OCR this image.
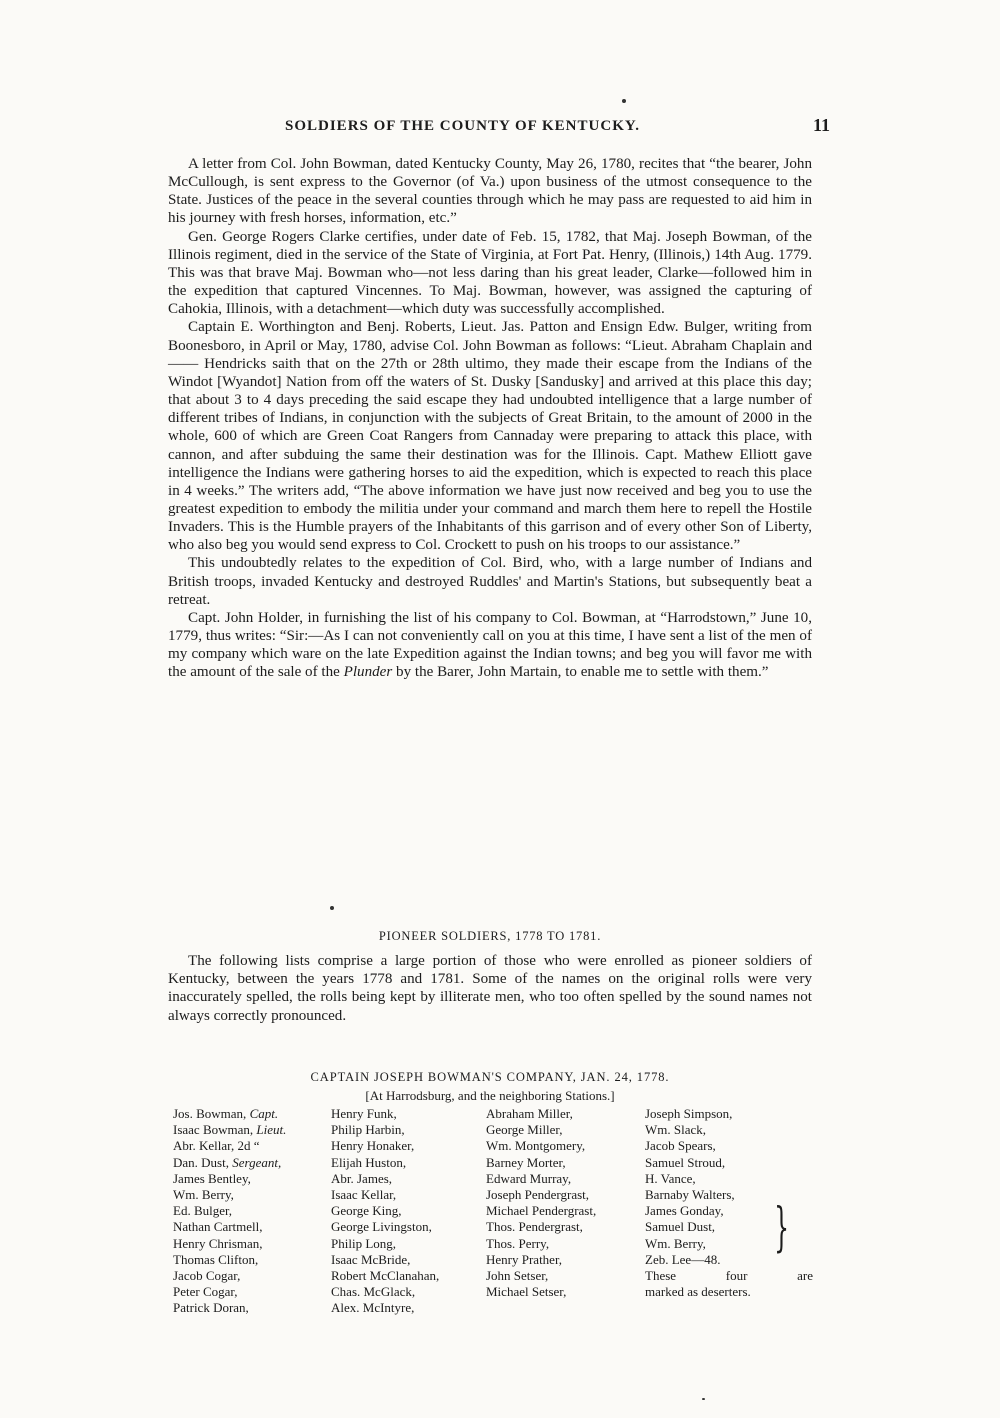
SOLDIERS OF THE COUNTY OF KENTUCKY.	11

A letter from Col. John Bowman, dated Kentucky County, May 26, 1780, recites that “the bearer, John McCullough, is sent express to the Governor (of Va.) upon business of the utmost consequence to the State. Justices of the peace in the several counties through which he may pass are requested to aid him in his journey with fresh horses, information, etc.”

Gen. George Rogers Clarke certifies, under date of Feb. 15, 1782, that Maj. Joseph Bowman, of the Illinois regiment, died in the service of the State of Virginia, at Fort Pat. Henry, (Illinois,) 14th Aug. 1779. This was that brave Maj. Bowman who—not less daring than his great leader, Clarke—followed him in the expedition that captured Vincennes. To Maj. Bowman, however, was assigned the capturing of Cahokia, Illinois, with a detachment—which duty was successfully accomplished.

Captain E. Worthington and Benj. Roberts, Lieut. Jas. Patton and Ensign Edw. Bulger, writing from Boonesboro, in April or May, 1780, advise Col. John Bowman as follows: “Lieut. Abraham Chaplain and —— Hendricks saith that on the 27th or 28th ultimo, they made their escape from the Indians of the Windot [Wyandot] Nation from off the waters of St. Dusky [Sandusky] and arrived at this place this day; that about 3 to 4 days preceding the said escape they had undoubted intelligence that a large number of different tribes of Indians, in conjunction with the subjects of Great Britain, to the amount of 2000 in the whole, 600 of which are Green Coat Rangers from Cannaday were preparing to attack this place, with cannon, and after subduing the same their destination was for the Illinois. Capt. Mathew Elliott gave intelligence the Indians were gathering horses to aid the expedition, which is expected to reach this place in 4 weeks.” The writers add, “The above information we have just now received and beg you to use the greatest expedition to embody the militia under your command and march them here to repell the Hostile Invaders. This is the Humble prayers of the Inhabitants of this garrison and of every other Son of Liberty, who also beg you would send express to Col. Crockett to push on his troops to our assistance.”

This undoubtedly relates to the expedition of Col. Bird, who, with a large number of Indians and British troops, invaded Kentucky and destroyed Ruddles' and Martin's Stations, but subsequently beat a retreat.

Capt. John Holder, in furnishing the list of his company to Col. Bowman, at “Harrodstown,” June 10, 1779, thus writes: “Sir:—As I can not conveniently call on you at this time, I have sent a list of the men of my company which ware on the late Expedition against the Indian towns; and beg you will favor me with the amount of the sale of the Plunder by the Barer, John Martain, to enable me to settle with them.”

PIONEER SOLDIERS, 1778 TO 1781.

The following lists comprise a large portion of those who were enrolled as pioneer soldiers of Kentucky, between the years 1778 and 1781. Some of the names on the original rolls were very inaccurately spelled, the rolls being kept by illiterate men, who too often spelled by the sound names not always correctly pronounced.

CAPTAIN JOSEPH BOWMAN'S COMPANY, JAN. 24, 1778.
[At Harrodsburg, and the neighboring Stations.]
Jos. Bowman, Capt.
Isaac Bowman, Lieut.
Abr. Kellar, 2d “
Dan. Dust, Sergeant,
James Bentley,
Wm. Berry,
Ed. Bulger,
Nathan Cartmell,
Henry Chrisman,
Thomas Clifton,
Jacob Cogar,
Peter Cogar,
Patrick Doran,
Henry Funk,
Philip Harbin,
Henry Honaker,
Elijah Huston,
Abr. James,
Isaac Kellar,
George King,
George Livingston,
Philip Long,
Isaac McBride,
Robert McClanahan,
Chas. McGlack,
Alex. McIntyre,
Abraham Miller,
George Miller,
Wm. Montgomery,
Barney Morter,
Edward Murray,
Joseph Pendergrast,
Michael Pendergrast,
Thos. Pendergrast,
Thos. Perry,
Henry Prather,
John Setser,
Michael Setser,
Joseph Simpson,
Wm. Slack,
Jacob Spears,
Samuel Stroud,
H. Vance,
Barnaby Walters,
James Gonday,
Samuel Dust,
Wm. Berry,
Zeb. Lee—48.
}
These four are
marked as deserters.
